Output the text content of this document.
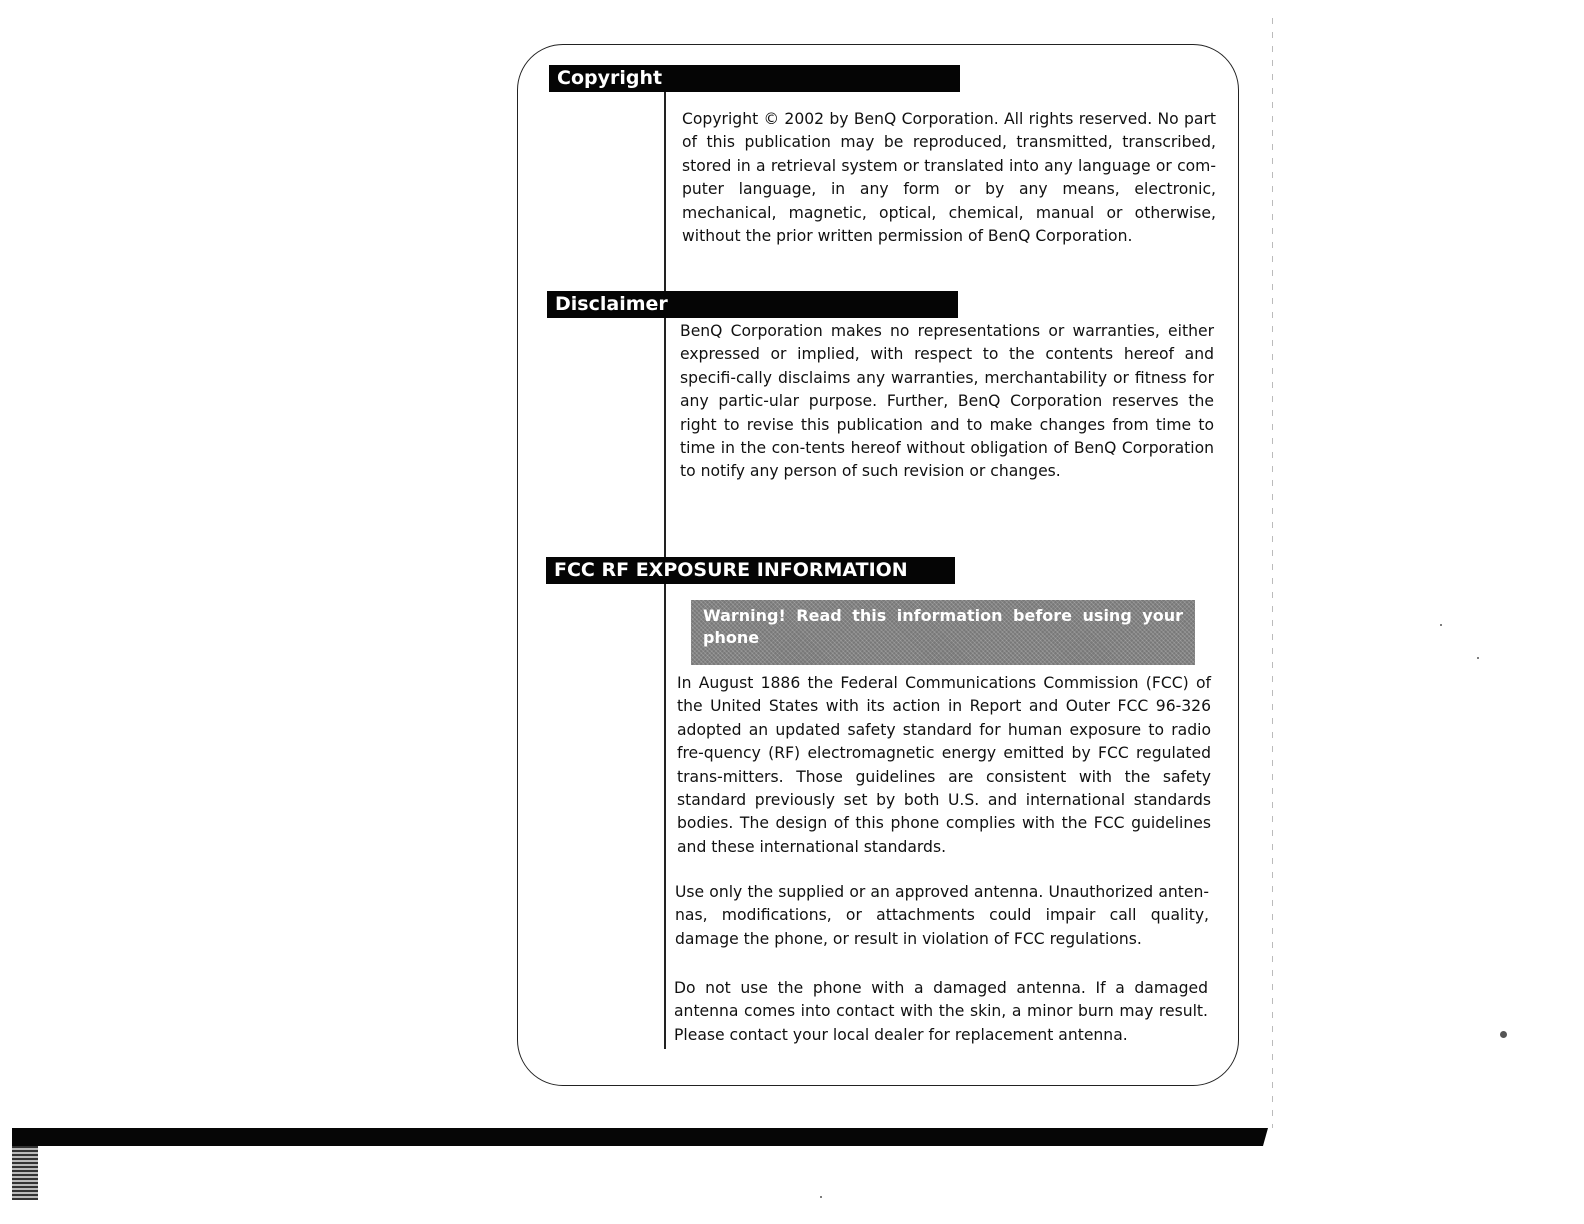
Copyright

Copyright © 2002 by BenQ Corporation. All rights reserved. No part of this publication may be reproduced, transmitted, transcribed, stored in a retrieval system or translated into any language or com-puter language, in any form or by any means, electronic, mechanical, magnetic, optical, chemical, manual or otherwise, without the prior written permission of BenQ Corporation.

Disclaimer

BenQ Corporation makes no representations or warranties, either expressed or implied, with respect to the contents hereof and specifi-cally disclaims any warranties, merchantability or fitness for any partic-ular purpose. Further, BenQ Corporation reserves the right to revise this publication and to make changes from time to time in the con-tents hereof without obligation of BenQ Corporation to notify any person of such revision or changes.

FCC RF EXPOSURE INFORMATION
Warning! Read this information before using your phone

In August 1886 the Federal Communications Commission (FCC) of the United States with its action in Report and Outer FCC 96-326 adopted an updated safety standard for human exposure to radio fre-quency (RF) electromagnetic energy emitted by FCC regulated trans-mitters. Those guidelines are consistent with the safety standard previously set by both U.S. and international standards bodies. The design of this phone complies with the FCC guidelines and these international standards.

Use only the supplied or an approved antenna. Unauthorized anten-nas, modifications, or attachments could impair call quality, damage the phone, or result in violation of FCC regulations.

Do not use the phone with a damaged antenna. If a damaged antenna comes into contact with the skin, a minor burn may result. Please contact your local dealer for replacement antenna.
